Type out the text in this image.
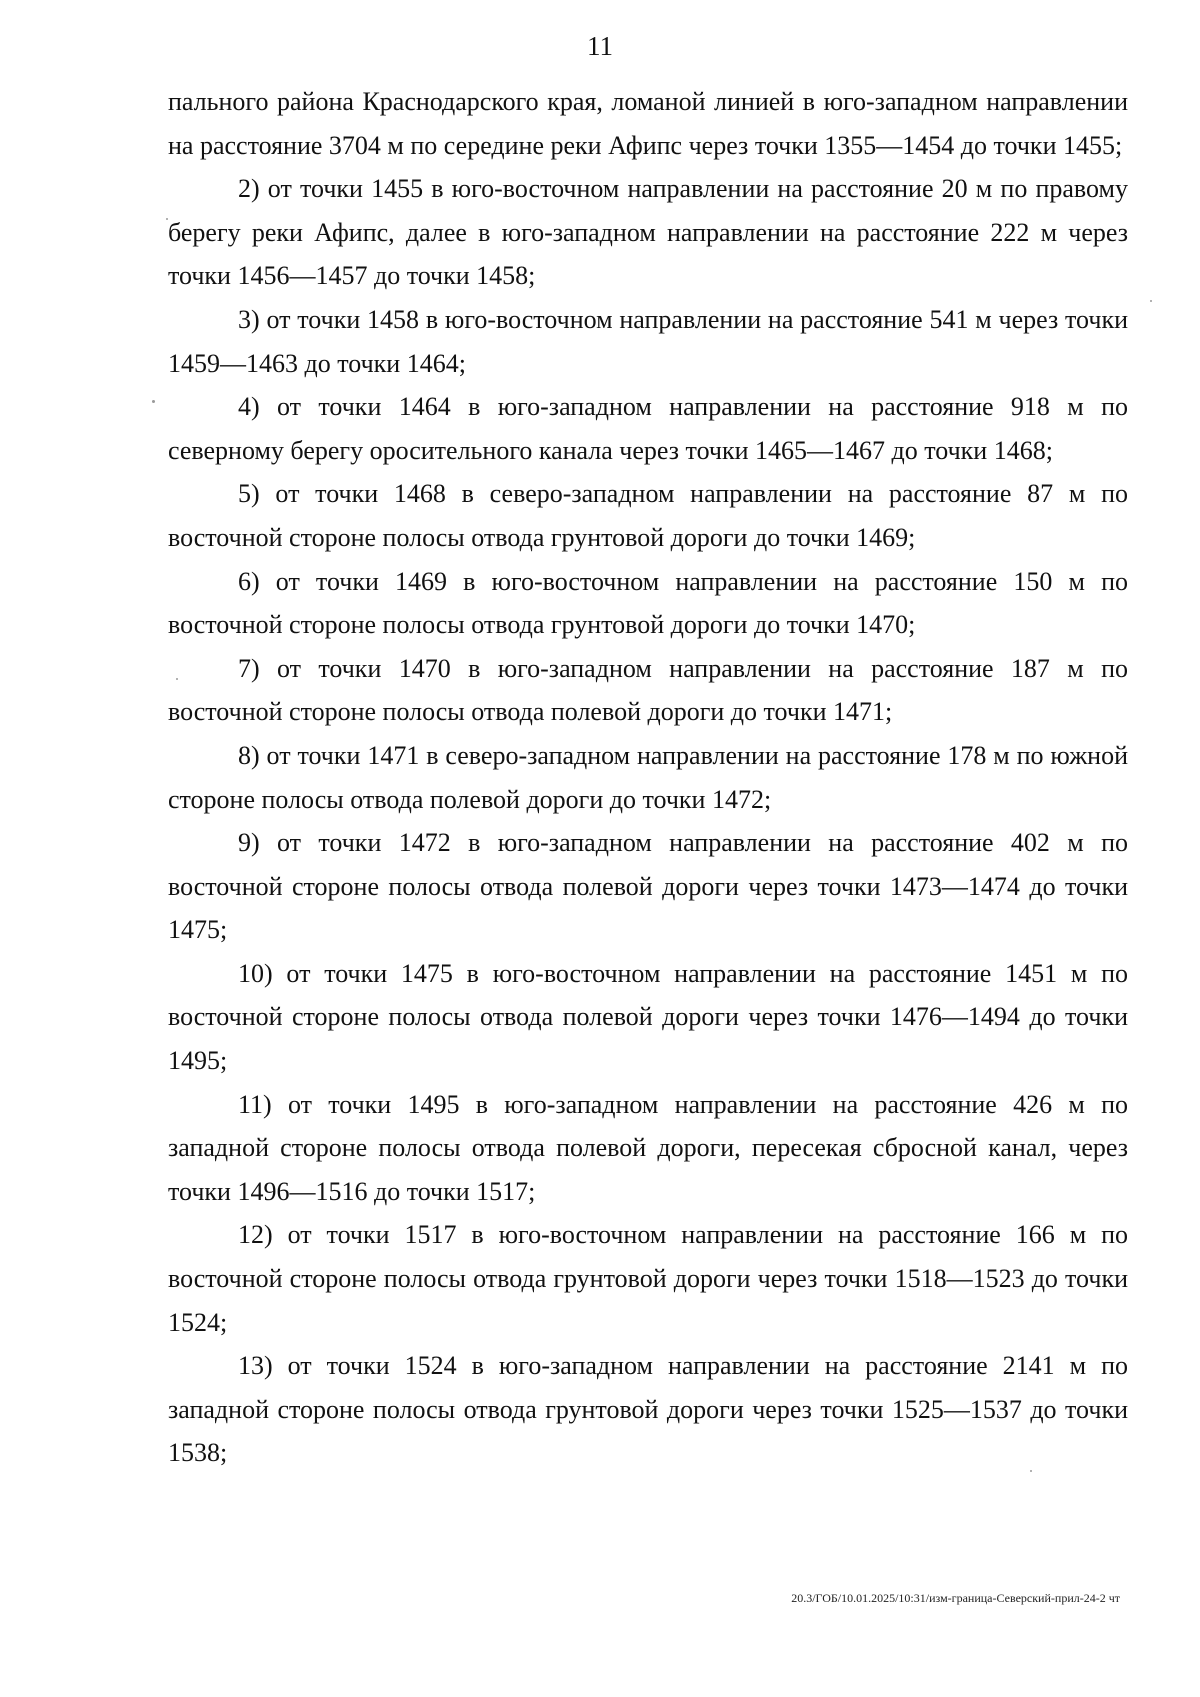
11

пального района Краснодарского края, ломаной линией в юго-западном направлении на расстояние 3704 м по середине реки Афипс через точки 1355—1454 до точки 1455;

2) от точки 1455 в юго-восточном направлении на расстояние 20 м по правому берегу реки Афипс, далее в юго-западном направлении на расстояние 222 м через точки 1456—1457 до точки 1458;

3) от точки 1458 в юго-восточном направлении на расстояние 541 м через точки 1459—1463 до точки 1464;

4) от точки 1464 в юго-западном направлении на расстояние 918 м по северному берегу оросительного канала через точки 1465—1467 до точки 1468;

5) от точки 1468 в северо-западном направлении на расстояние 87 м по восточной стороне полосы отвода грунтовой дороги до точки 1469;

6) от точки 1469 в юго-восточном направлении на расстояние 150 м по восточной стороне полосы отвода грунтовой дороги до точки 1470;

7) от точки 1470 в юго-западном направлении на расстояние 187 м по восточной стороне полосы отвода полевой дороги до точки 1471;

8) от точки 1471 в северо-западном направлении на расстояние 178 м по южной стороне полосы отвода полевой дороги до точки 1472;

9) от точки 1472 в юго-западном направлении на расстояние 402 м по восточной стороне полосы отвода полевой дороги через точки 1473—1474 до точки 1475;

10) от точки 1475 в юго-восточном направлении на расстояние 1451 м по восточной стороне полосы отвода полевой дороги через точки 1476—1494 до точки 1495;

11) от точки 1495 в юго-западном направлении на расстояние 426 м по западной стороне полосы отвода полевой дороги, пересекая сбросной канал, через точки 1496—1516 до точки 1517;

12) от точки 1517 в юго-восточном направлении на расстояние 166 м по восточной стороне полосы отвода грунтовой дороги через точки 1518—1523 до точки 1524;

13) от точки 1524 в юго-западном направлении на расстояние 2141 м по западной стороне полосы отвода грунтовой дороги через точки 1525—1537 до точки 1538;

20.3/ГОБ/10.01.2025/10:31/изм-граница-Северский-прил-24-2 чт
